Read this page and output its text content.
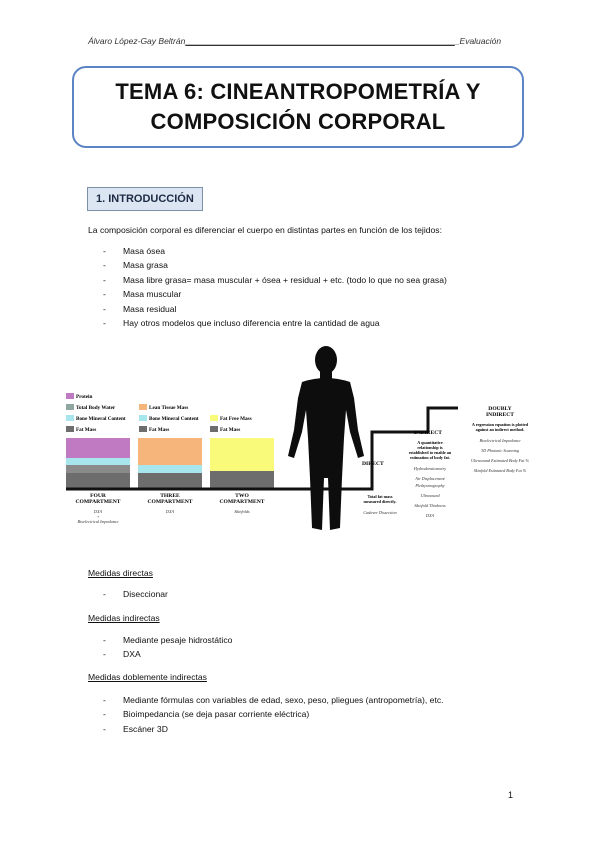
Álvaro López-Gay Beltrán__________________________________________________________Evaluación
TEMA 6: CINEANTROPOMETRÍA Y
COMPOSICIÓN CORPORAL
1. INTRODUCCIÓN
La composición corporal es diferenciar el cuerpo en distintas partes en función de los tejidos:
- Masa ósea
- Masa grasa
- Masa libre grasa= masa muscular + ósea + residual + etc. (todo lo que no sea grasa)
- Masa muscular
- Masa residual
- Hay otros modelos que incluso diferencia entre la cantidad de agua
Protein
Total Body Water
Bone Mineral Content
Fat Mass
Lean Tissue Mass
Bone Mineral Content
Fat Mass
Fat Free Mass
Fat Mass
FOUR
COMPARTMENT
THREE
COMPARTMENT
TWO
COMPARTMENT
DXA
+
Bioelectrical Impedance
DXA	Skinfolds
DIRECT
Total fat mass
measured directly.
Cadaver Dissection
INDIRECT
A quantitative
relationship is
established to enable an
estimation of body fat.
Hydrodensitometry
Air Displacement
Plethysmography
Ultrasound
Skinfold Thickness
DXA
DOUBLY
INDIRECT
A regression equation is plotted
against an indirect method.
Bioelectrical Impedance
3D Photonic Scanning
Ultrasound Estimated Body Fat %
Skinfold Estimated Body Fat %
Medidas directas
- Diseccionar
Medidas indirectas
- Mediante pesaje hidrostático
- DXA
Medidas doblemente indirectas
- Mediante fórmulas con variables de edad, sexo, peso, pliegues (antropometría), etc.
- Bioimpedancia (se deja pasar corriente eléctrica)
- Escáner 3D
1
